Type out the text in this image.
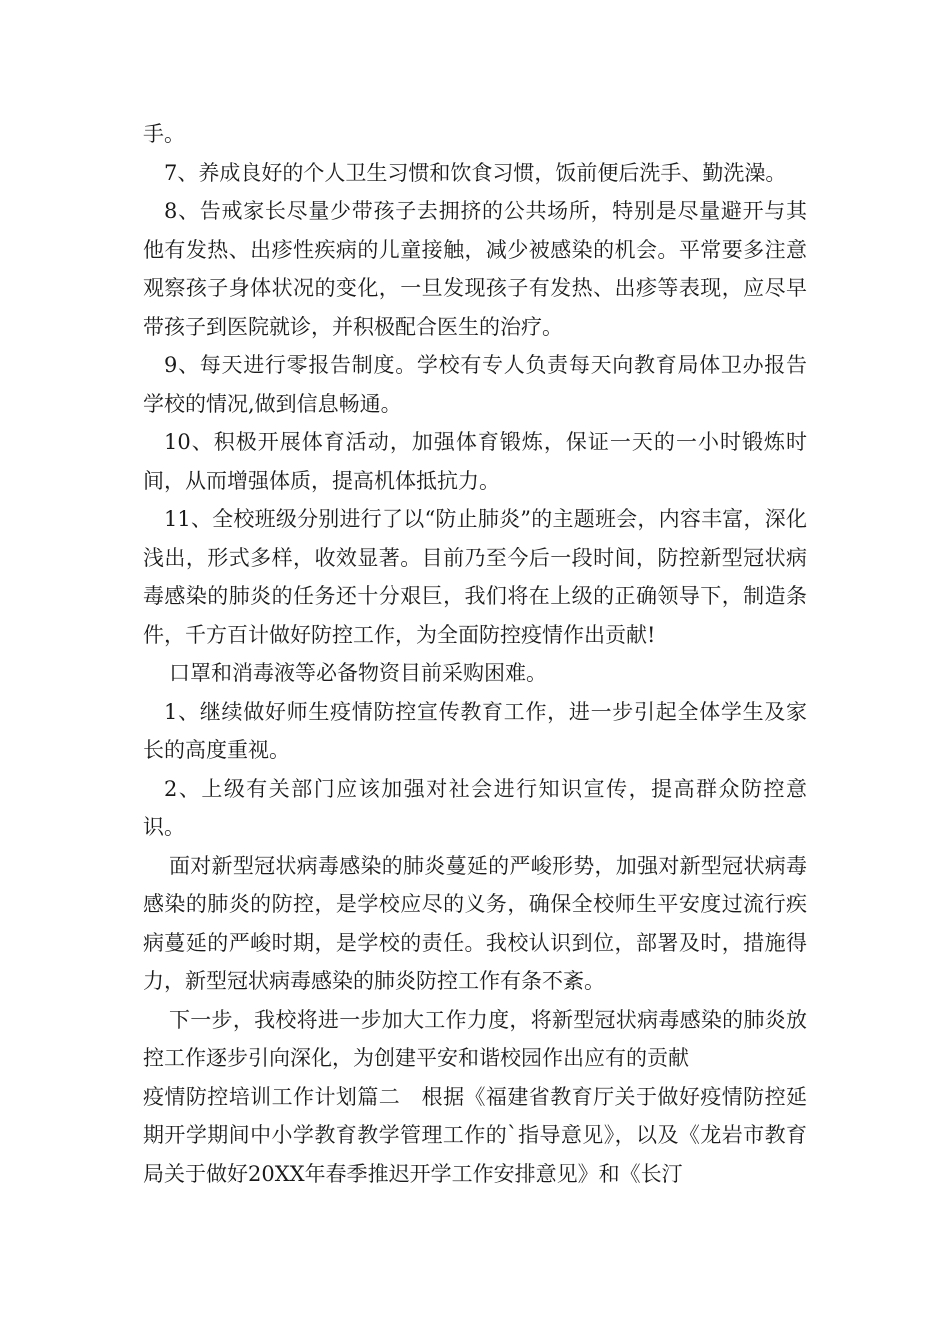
手。

7、养成良好的个人卫生习惯和饮食习惯，饭前便后洗手、勤洗澡。

8、告戒家长尽量少带孩子去拥挤的公共场所，特别是尽量避开与其他有发热、出疹性疾病的儿童接触，减少被感染的机会。平常要多注意观察孩子身体状况的变化，一旦发现孩子有发热、出疹等表现，应尽早带孩子到医院就诊，并积极配合医生的治疗。

9、每天进行零报告制度。学校有专人负责每天向教育局体卫办报告学校的情况,做到信息畅通。

10、积极开展体育活动，加强体育锻炼，保证一天的一小时锻炼时间，从而增强体质，提高机体抵抗力。

11、全校班级分别进行了以“防止肺炎”的主题班会，内容丰富，深化浅出，形式多样，收效显著。目前乃至今后一段时间，防控新型冠状病毒感染的肺炎的任务还十分艰巨，我们将在上级的正确领导下，制造条件，千方百计做好防控工作，为全面防控疫情作出贡献!

口罩和消毒液等必备物资目前采购困难。

1、继续做好师生疫情防控宣传教育工作，进一步引起全体学生及家长的高度重视。

2、上级有关部门应该加强对社会进行知识宣传，提高群众防控意识。

面对新型冠状病毒感染的肺炎蔓延的严峻形势，加强对新型冠状病毒感染的肺炎的防控，是学校应尽的义务，确保全校师生平安度过流行疾病蔓延的严峻时期，是学校的责任。我校认识到位，部署及时，措施得力，新型冠状病毒感染的肺炎防控工作有条不紊。

下一步，我校将进一步加大工作力度，将新型冠状病毒感染的肺炎放控工作逐步引向深化，为创建平安和谐校园作出应有的贡献

疫情防控培训工作计划篇二　根据《福建省教育厅关于做好疫情防控延期开学期间中小学教育教学管理工作的`指导意见》，以及《龙岩市教育局关于做好20XX年春季推迟开学工作安排意见》和《长汀
